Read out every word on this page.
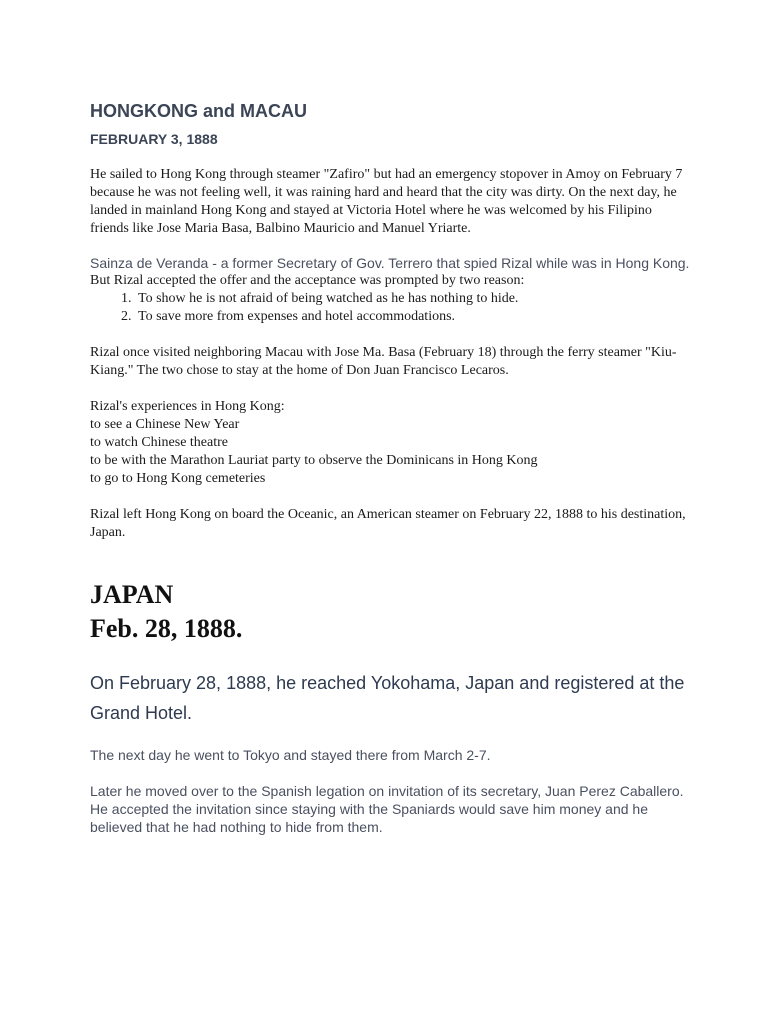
HONGKONG and MACAU
FEBRUARY 3, 1888

He sailed to Hong Kong through steamer "Zafiro" but had an emergency stopover in Amoy on February 7 because he was not feeling well, it was raining hard and heard that the city was dirty. On the next day, he landed in mainland Hong Kong and stayed at Victoria Hotel where he was welcomed by his Filipino friends like Jose Maria Basa, Balbino Mauricio and Manuel Yriarte.

Sainza de Veranda - a former Secretary of Gov. Terrero that spied Rizal while was in Hong Kong.

But Rizal accepted the offer and the acceptance was prompted by two reason:

1. To show he is not afraid of being watched as he has nothing to hide.
2. To save more from expenses and hotel accommodations.

Rizal once visited neighboring Macau with Jose Ma. Basa (February 18) through the ferry steamer "Kiu-Kiang." The two chose to stay at the home of Don Juan Francisco Lecaros.

Rizal's experiences in Hong Kong:
to see a Chinese New Year
to watch Chinese theatre
to be with the Marathon Lauriat party to observe the Dominicans in Hong Kong
to go to Hong Kong cemeteries

Rizal left Hong Kong on board the Oceanic, an American steamer on February 22, 1888 to his destination, Japan.

JAPAN
Feb. 28, 1888.

On February 28, 1888, he reached Yokohama, Japan and registered at the Grand Hotel.

The next day he went to Tokyo and stayed there from March 2-7.

Later he moved over to the Spanish legation on invitation of its secretary, Juan Perez Caballero. He accepted the invitation since staying with the Spaniards would save him money and he believed that he had nothing to hide from them.
